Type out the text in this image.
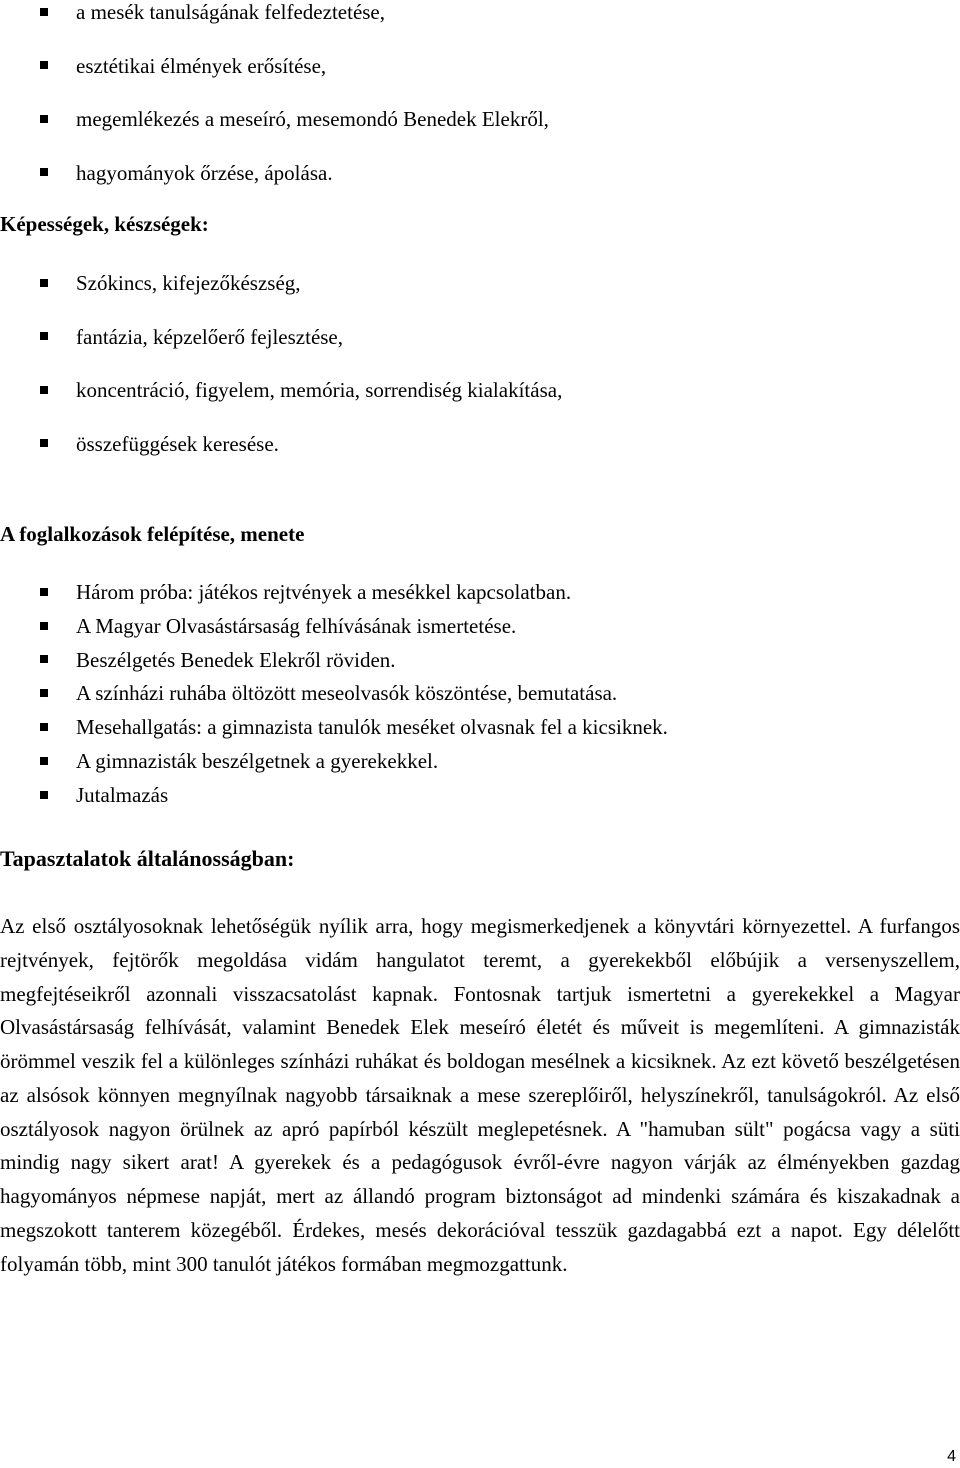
a mesék tanulságának felfedeztetése,
esztétikai élmények erősítése,
megemlékezés a meseíró, mesemondó Benedek Elekről,
hagyományok őrzése, ápolása.
Képességek, készségek:
Szókincs, kifejezőkészség,
fantázia, képzelőerő fejlesztése,
koncentráció, figyelem, memória, sorrendiség kialakítása,
összefüggések keresése.
A foglalkozások felépítése, menete
Három próba: játékos rejtvények a mesékkel kapcsolatban.
A Magyar Olvasástársaság felhívásának ismertetése.
Beszélgetés Benedek Elekről röviden.
A színházi ruhába öltözött meseolvasók köszöntése, bemutatása.
Mesehallgatás: a gimnazista tanulók meséket olvasnak fel a kicsiknek.
A gimnazisták beszélgetnek a gyerekekkel.
Jutalmazás
Tapasztalatok általánosságban:

Az első osztályosoknak lehetőségük nyílik arra, hogy megismerkedjenek a könyvtári környezettel. A furfangos rejtvények, fejtörők megoldása vidám hangulatot teremt, a gyerekekből előbújik a versenyszellem, megfejtéseikről azonnali visszacsatolást kapnak. Fontosnak tartjuk ismertetni a gyerekekkel a Magyar Olvasástársaság felhívását, valamint Benedek Elek meseíró életét és műveit is megemlíteni. A gimnazisták örömmel veszik fel a különleges színházi ruhákat és boldogan mesélnek a kicsiknek. Az ezt követő beszélgetésen az alsósok könnyen megnyílnak nagyobb társaiknak a mese szereplőiről, helyszínekről, tanulságokról. Az első osztályosok nagyon örülnek az apró papírból készült meglepetésnek. A "hamuban sült" pogácsa vagy a süti mindig nagy sikert arat! A gyerekek és a pedagógusok évről-évre nagyon várják az élményekben gazdag hagyományos népmese napját, mert az állandó program biztonságot ad mindenki számára és kiszakadnak a megszokott tanterem közegéből. Érdekes, mesés dekorációval tesszük gazdagabbá ezt a napot. Egy délelőtt folyamán több, mint 300 tanulót játékos formában megmozgattunk.

4
